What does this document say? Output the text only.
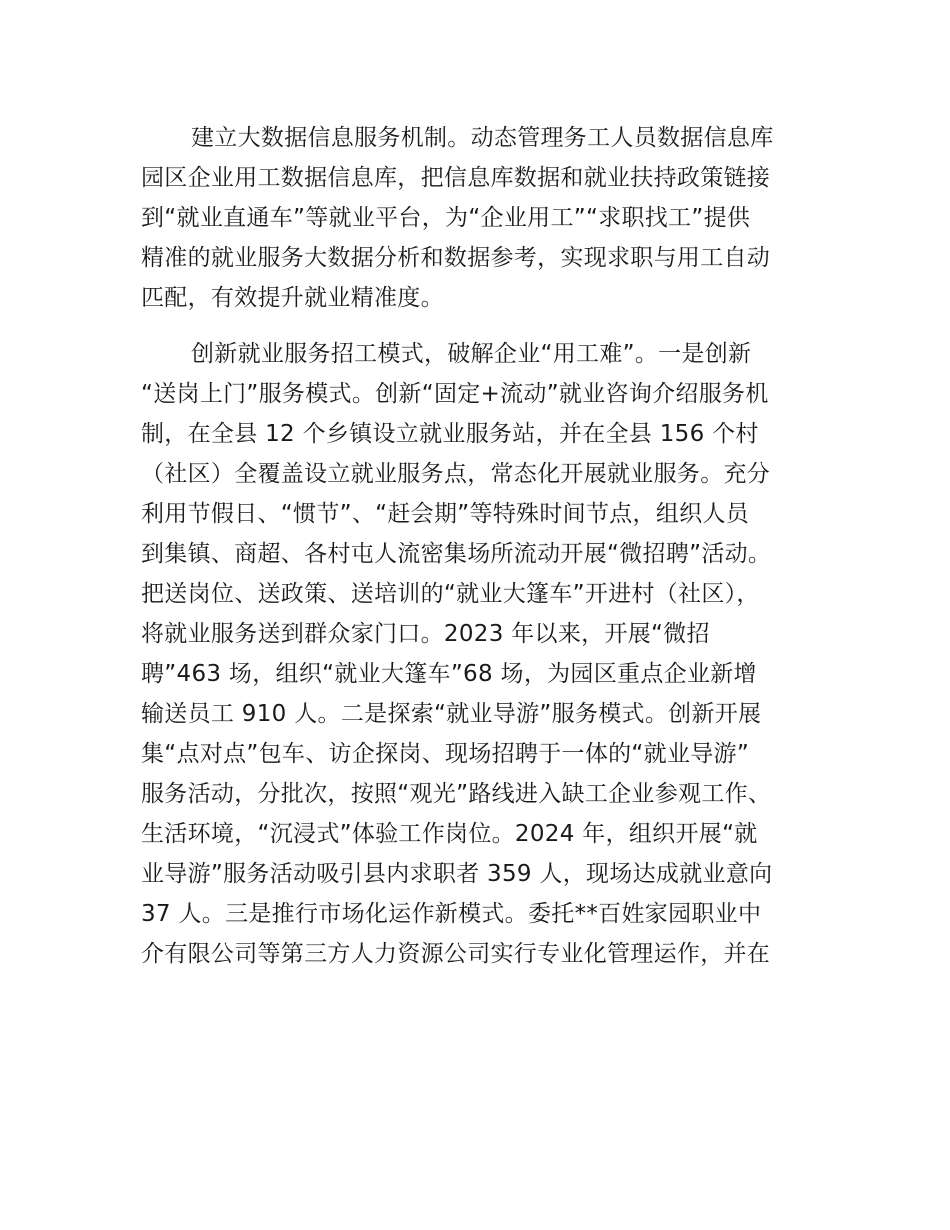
建立大数据信息服务机制。动态管理务工人员数据信息库
园区企业用工数据信息库，把信息库数据和就业扶持政策链接
到“就业直通车”等就业平台，为“企业用工”“求职找工”提供
精准的就业服务大数据分析和数据参考，实现求职与用工自动
匹配，有效提升就业精准度。
创新就业服务招工模式，破解企业“用工难”。一是创新
“送岗上门”服务模式。创新“固定+流动”就业咨询介绍服务机
制，在全县 12 个乡镇设立就业服务站，并在全县 156 个村
（社区）全覆盖设立就业服务点，常态化开展就业服务。充分
利用节假日、“惯节”、“赶会期”等特殊时间节点，组织人员
到集镇、商超、各村屯人流密集场所流动开展“微招聘”活动。
把送岗位、送政策、送培训的“就业大篷车”开进村（社区），
将就业服务送到群众家门口。2023 年以来，开展“微招
聘”463 场，组织“就业大篷车”68 场，为园区重点企业新增
输送员工 910 人。二是探索“就业导游”服务模式。创新开展
集“点对点”包车、访企探岗、现场招聘于一体的“就业导游”
服务活动，分批次，按照“观光”路线进入缺工企业参观工作、
生活环境，“沉浸式”体验工作岗位。2024 年，组织开展“就
业导游”服务活动吸引县内求职者 359 人，现场达成就业意向
37 人。三是推行市场化运作新模式。委托**百姓家园职业中
介有限公司等第三方人力资源公司实行专业化管理运作，并在
